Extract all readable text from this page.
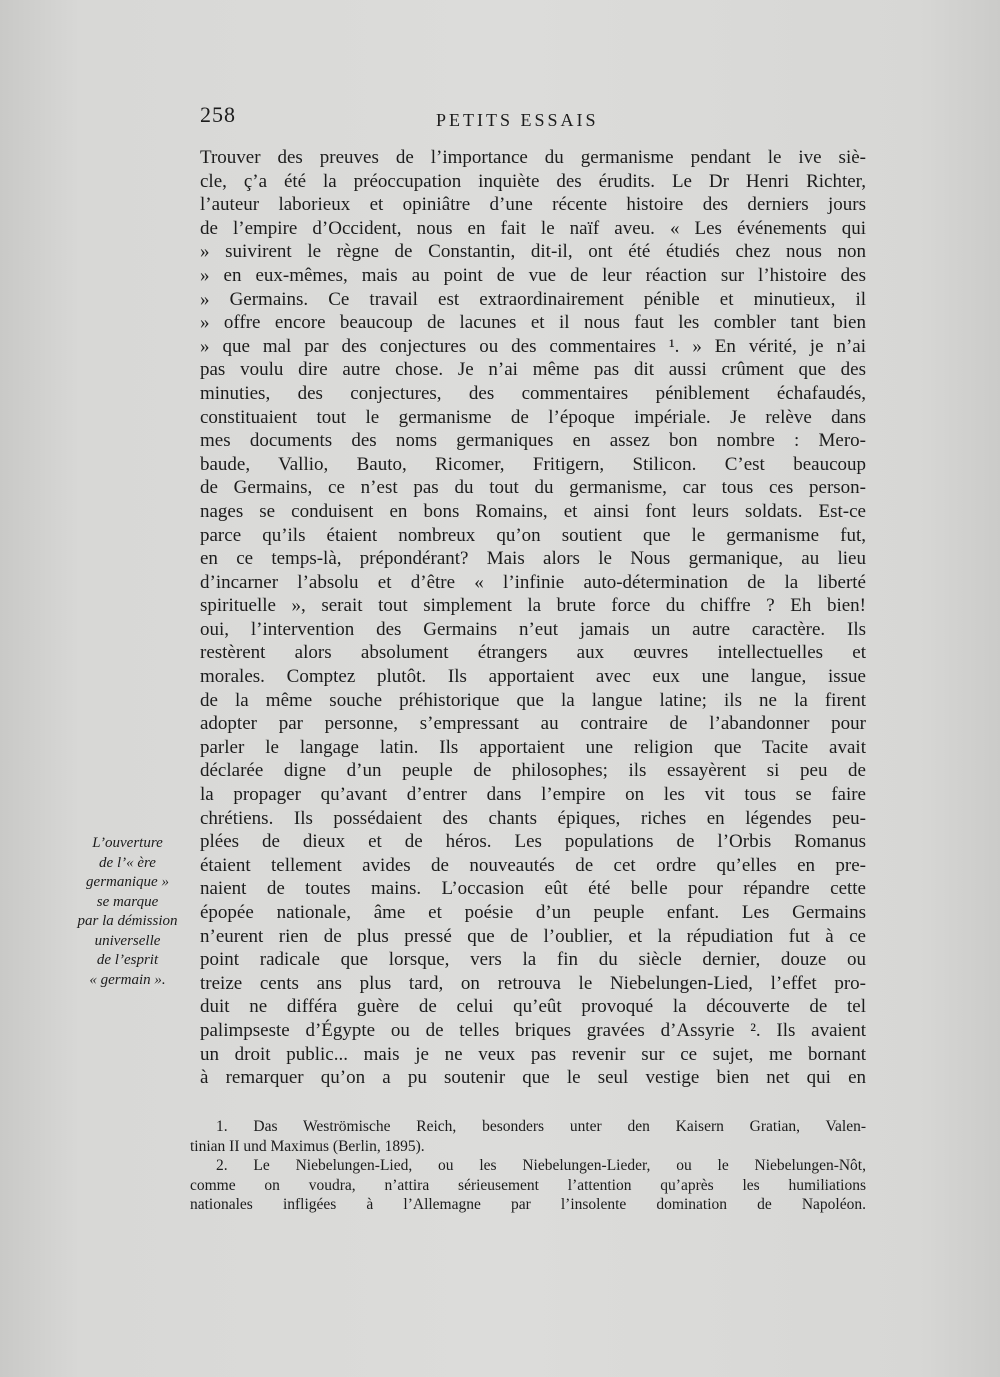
258	PETITS ESSAIS
Trouver des preuves de l’importance du germanisme pendant le ive siè-
cle, ç’a été la préoccupation inquiète des érudits. Le Dr Henri Richter,
l’auteur laborieux et opiniâtre d’une récente histoire des derniers jours
de l’empire d’Occident, nous en fait le naïf aveu. « Les événements qui
» suivirent le règne de Constantin, dit-il, ont été étudiés chez nous non
» en eux-mêmes, mais au point de vue de leur réaction sur l’histoire des
» Germains. Ce travail est extraordinairement pénible et minutieux, il
» offre encore beaucoup de lacunes et il nous faut les combler tant bien
» que mal par des conjectures ou des commentaires ¹. » En vérité, je n’ai
pas voulu dire autre chose. Je n’ai même pas dit aussi crûment que des
minuties, des conjectures, des commentaires péniblement échafaudés,
constituaient tout le germanisme de l’époque impériale. Je relève dans
mes documents des noms germaniques en assez bon nombre : Mero-
baude, Vallio, Bauto, Ricomer, Fritigern, Stilicon. C’est beaucoup
de Germains, ce n’est pas du tout du germanisme, car tous ces person-
nages se conduisent en bons Romains, et ainsi font leurs soldats. Est-ce
parce qu’ils étaient nombreux qu’on soutient que le germanisme fut,
en ce temps-là, prépondérant? Mais alors le Nous germanique, au lieu
d’incarner l’absolu et d’être « l’infinie auto-détermination de la liberté
spirituelle », serait tout simplement la brute force du chiffre ? Eh bien!
oui, l’intervention des Germains n’eut jamais un autre caractère. Ils
restèrent alors absolument étrangers aux œuvres intellectuelles et
morales. Comptez plutôt. Ils apportaient avec eux une langue, issue
de la même souche préhistorique que la langue latine; ils ne la firent
adopter par personne, s’empressant au contraire de l’abandonner pour
parler le langage latin. Ils apportaient une religion que Tacite avait
déclarée digne d’un peuple de philosophes; ils essayèrent si peu de
la propager qu’avant d’entrer dans l’empire on les vit tous se faire
chrétiens. Ils possédaient des chants épiques, riches en légendes peu-
plées de dieux et de héros. Les populations de l’Orbis Romanus
étaient tellement avides de nouveautés de cet ordre qu’elles en pre-
naient de toutes mains. L’occasion eût été belle pour répandre cette
épopée nationale, âme et poésie d’un peuple enfant. Les Germains
n’eurent rien de plus pressé que de l’oublier, et la répudiation fut à ce
point radicale que lorsque, vers la fin du siècle dernier, douze ou
treize cents ans plus tard, on retrouva le Niebelungen-Lied, l’effet pro-
duit ne différa guère de celui qu’eût provoqué la découverte de tel
palimpseste d’Égypte ou de telles briques gravées d’Assyrie ². Ils avaient
un droit public... mais je ne veux pas revenir sur ce sujet, me bornant
à remarquer qu’on a pu soutenir que le seul vestige bien net qui en
L’ouverture
de l’« ère
germanique »
se marque
par la démission
universelle
de l’esprit
« germain ».
1. Das Weströmische Reich, besonders unter den Kaisern Gratian, Valen-
tinian II und Maximus (Berlin, 1895).
2. Le Niebelungen-Lied, ou les Niebelungen-Lieder, ou le Niebelungen-Nôt,
comme on voudra, n’attira sérieusement l’attention qu’après les humiliations
nationales infligées à l’Allemagne par l’insolente domination de Napoléon.
